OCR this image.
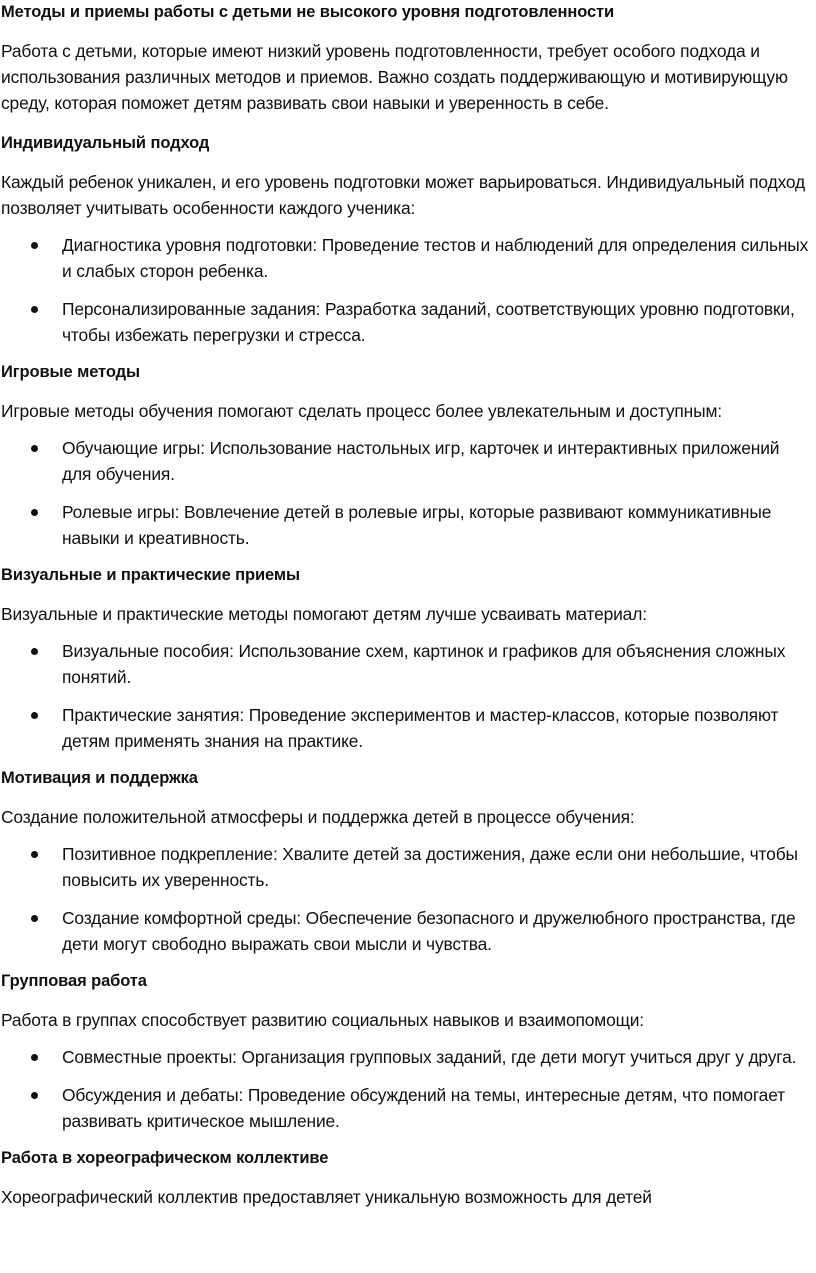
Методы и приемы работы с детьми не высокого уровня подготовленности

Работа с детьми, которые имеют низкий уровень подготовленности, требует особого подхода и использования различных методов и приемов. Важно создать поддерживающую и мотивирующую среду, которая поможет детям развивать свои навыки и уверенность в себе.

Индивидуальный подход

Каждый ребенок уникален, и его уровень подготовки может варьироваться. Индивидуальный подход позволяет учитывать особенности каждого ученика:

Диагностика уровня подготовки: Проведение тестов и наблюдений для определения сильных и слабых сторон ребенка.
Персонализированные задания: Разработка заданий, соответствующих уровню подготовки, чтобы избежать перегрузки и стресса.
Игровые методы

Игровые методы обучения помогают сделать процесс более увлекательным и доступным:

Обучающие игры: Использование настольных игр, карточек и интерактивных приложений для обучения.
Ролевые игры: Вовлечение детей в ролевые игры, которые развивают коммуникативные навыки и креативность.
Визуальные и практические приемы

Визуальные и практические методы помогают детям лучше усваивать материал:

Визуальные пособия: Использование схем, картинок и графиков для объяснения сложных понятий.
Практические занятия: Проведение экспериментов и мастер-классов, которые позволяют детям применять знания на практике.
Мотивация и поддержка

Создание положительной атмосферы и поддержка детей в процессе обучения:

Позитивное подкрепление: Хвалите детей за достижения, даже если они небольшие, чтобы повысить их уверенность.
Создание комфортной среды: Обеспечение безопасного и дружелюбного пространства, где дети могут свободно выражать свои мысли и чувства.
Групповая работа

Работа в группах способствует развитию социальных навыков и взаимопомощи:

Совместные проекты: Организация групповых заданий, где дети могут учиться друг у друга.
Обсуждения и дебаты: Проведение обсуждений на темы, интересные детям, что помогает развивать критическое мышление.
Работа в хореографическом коллективе

Хореографический коллектив предоставляет уникальную возможность для детей
